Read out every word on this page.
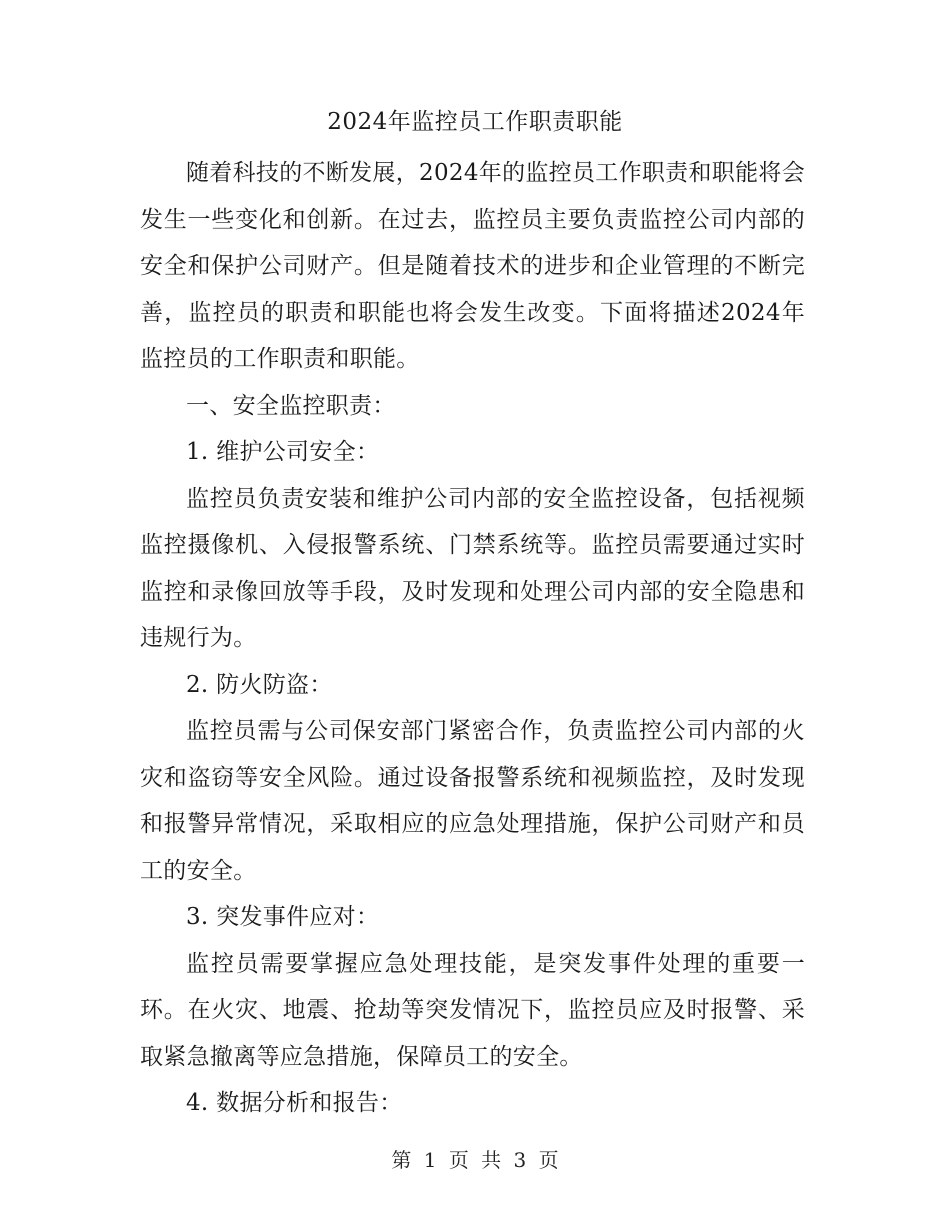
2024年监控员工作职责职能

随着科技的不断发展，2024年的监控员工作职责和职能将会发生一些变化和创新。在过去，监控员主要负责监控公司内部的安全和保护公司财产。但是随着技术的进步和企业管理的不断完善，监控员的职责和职能也将会发生改变。下面将描述2024年监控员的工作职责和职能。

一、安全监控职责：

1. 维护公司安全：

监控员负责安装和维护公司内部的安全监控设备，包括视频监控摄像机、入侵报警系统、门禁系统等。监控员需要通过实时监控和录像回放等手段，及时发现和处理公司内部的安全隐患和违规行为。

2. 防火防盗：

监控员需与公司保安部门紧密合作，负责监控公司内部的火灾和盗窃等安全风险。通过设备报警系统和视频监控，及时发现和报警异常情况，采取相应的应急处理措施，保护公司财产和员工的安全。

3. 突发事件应对：

监控员需要掌握应急处理技能，是突发事件处理的重要一环。在火灾、地震、抢劫等突发情况下，监控员应及时报警、采取紧急撤离等应急措施，保障员工的安全。

4. 数据分析和报告：

第 1 页 共 3 页
